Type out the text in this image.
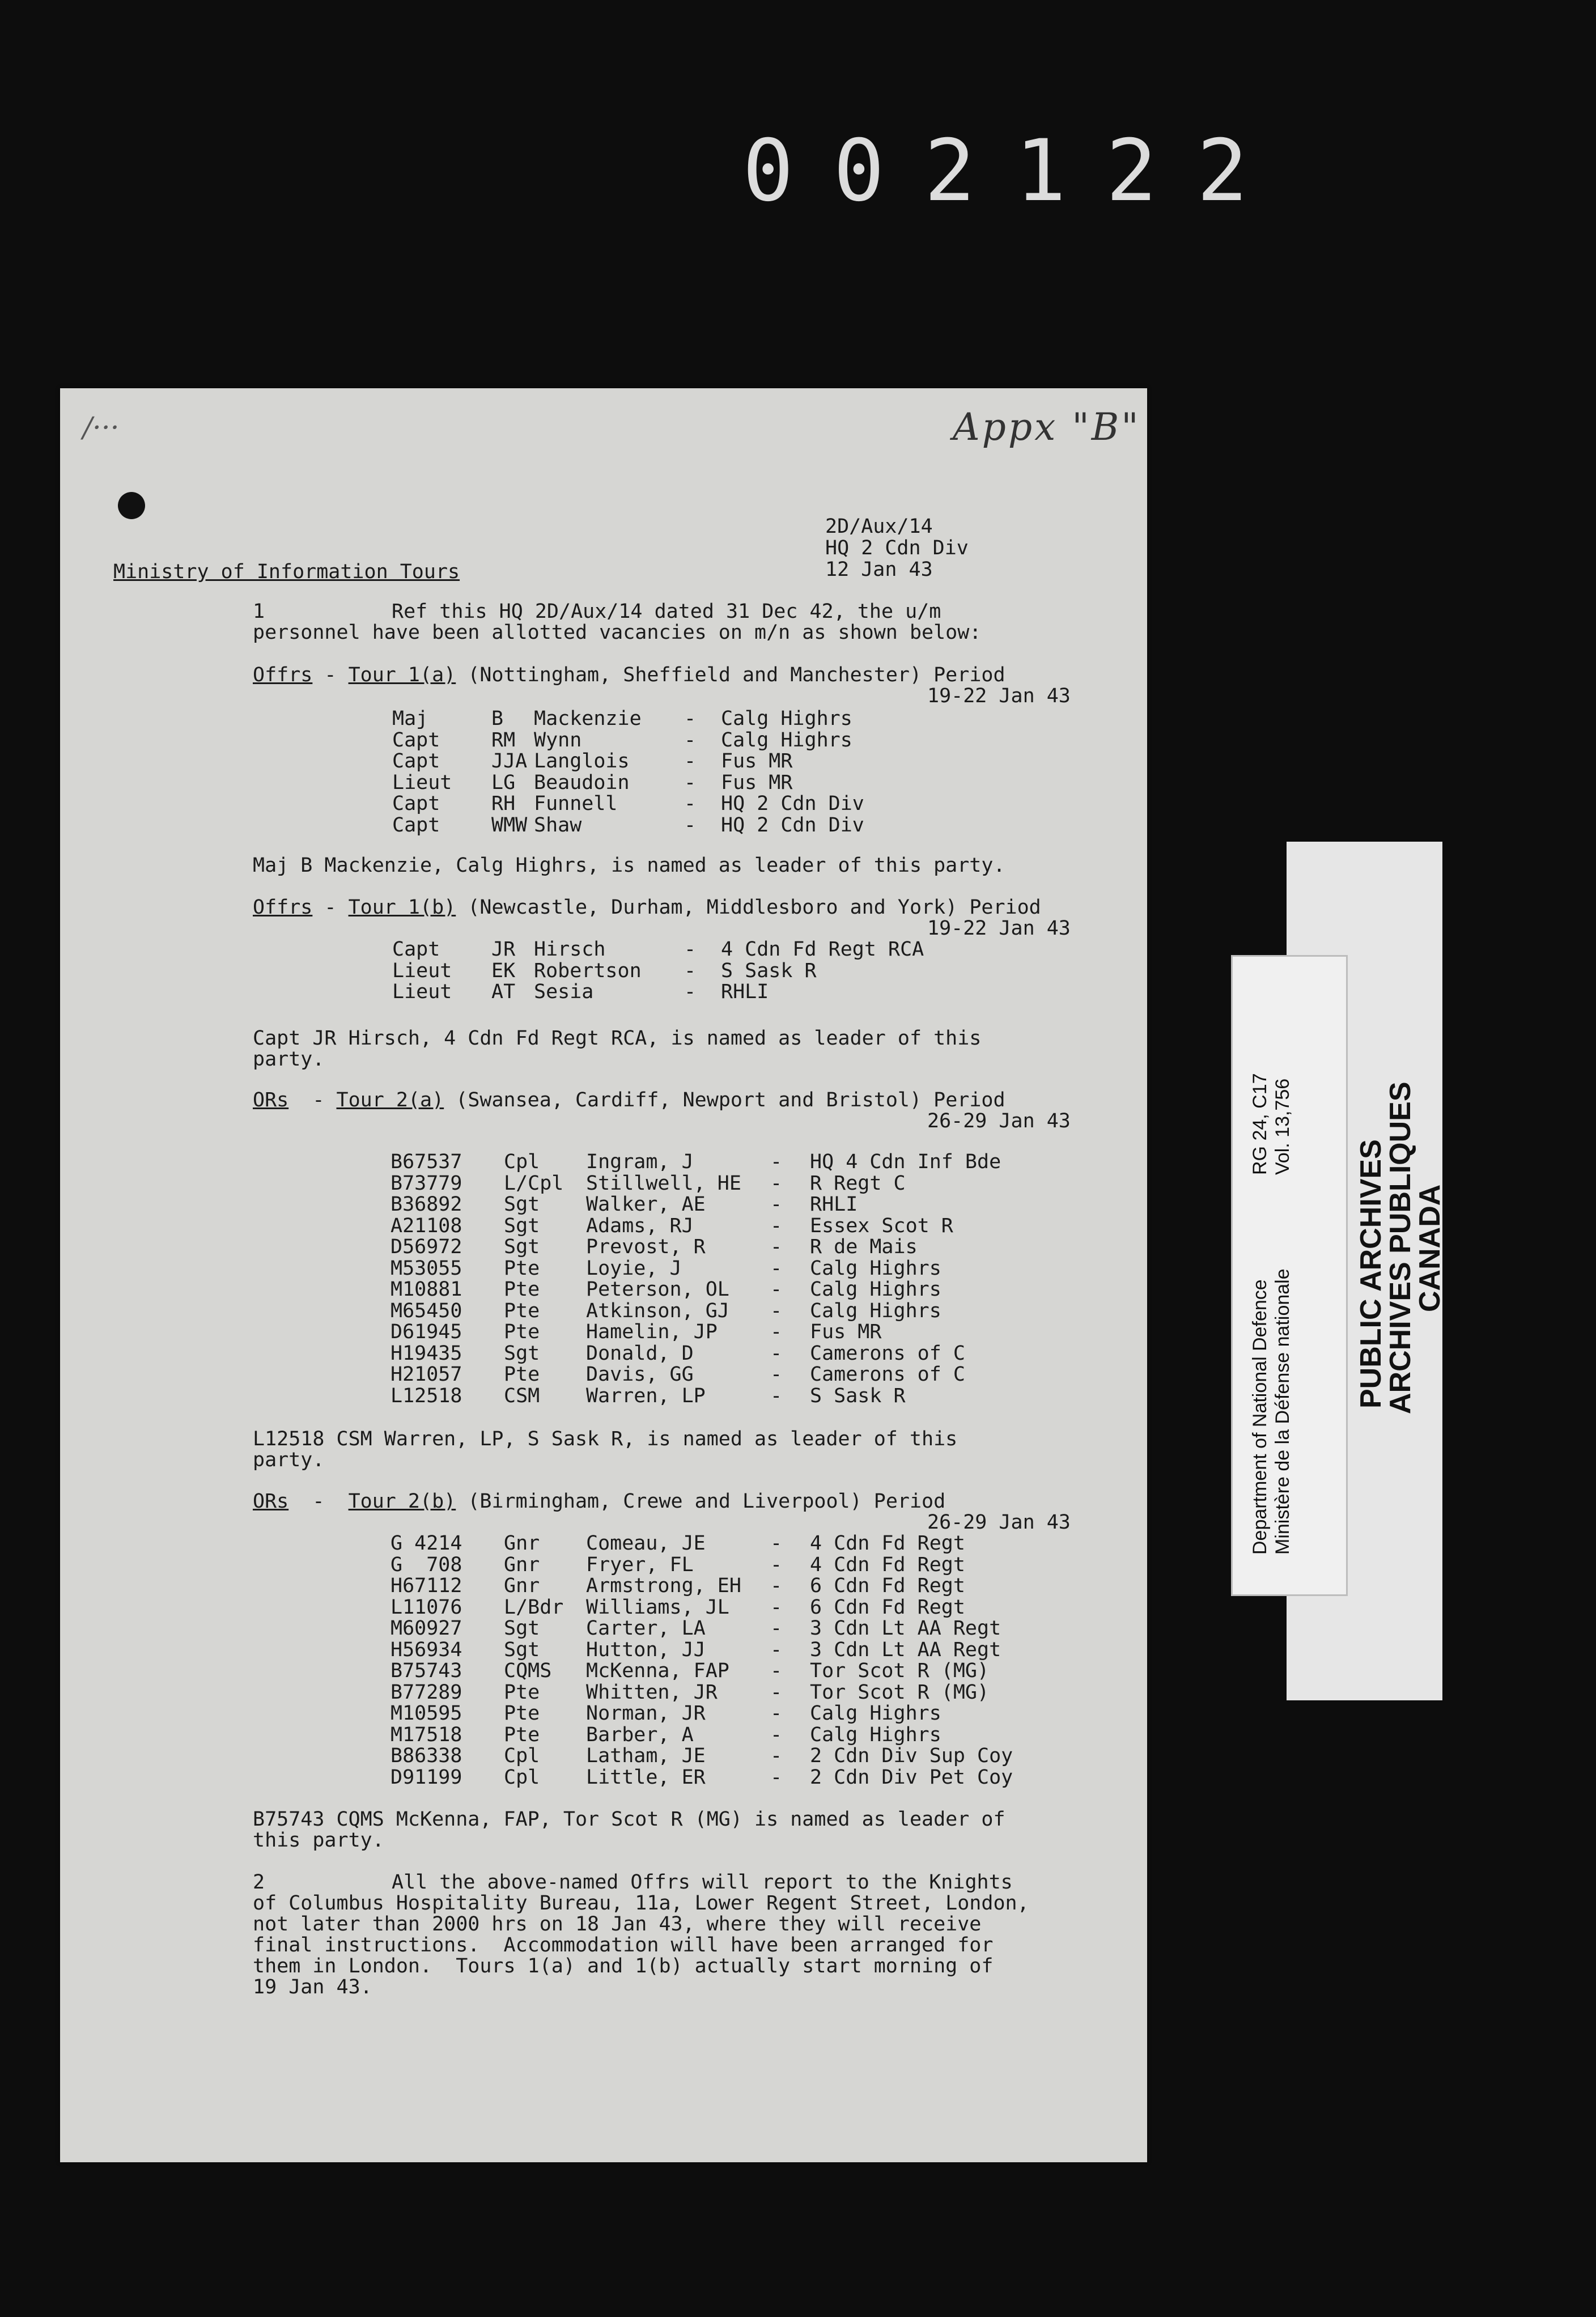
002122
/···	Appx "B"
2D/Aux/14
HQ 2 Cdn Div
12 Jan 43
Ministry of Information Tours
1	Ref this HQ 2D/Aux/14 dated 31 Dec 42, the u/m
personnel have been allotted vacancies on m/n as shown below:
Offrs - Tour 1(a) (Nottingham, Sheffield and Manchester) Period
19-22 Jan 43
Maj	B Mackenzie - Calg Highrs
Capt	RM Wynn	- Calg Highrs
Capt	JJA Langlois	- Fus MR
Lieut LG Beaudoin	- Fus MR
Capt	RH Funnell	- HQ 2 Cdn Div
Capt	WMW Shaw	- HQ 2 Cdn Div
Maj B Mackenzie, Calg Highrs, is named as leader of this party.
Offrs - Tour 1(b) (Newcastle, Durham, Middlesboro and York) Period
19-22 Jan 43
Capt	JR Hirsch	- 4 Cdn Fd Regt RCA
Lieut EK Robertson - S Sask R
Lieut AT Sesia	- RHLI
Capt JR Hirsch, 4 Cdn Fd Regt RCA, is named as leader of this
party.
ORs  - Tour 2(a) (Swansea, Cardiff, Newport and Bristol) Period
26-29 Jan 43
B67537 Cpl Ingram, J	- HQ 4 Cdn Inf Bde
B73779 L/Cpl Stillwell, HE - R Regt C
B36892 Sgt Walker, AE	- RHLI
A21108 Sgt Adams, RJ	- Essex Scot R
D56972 Sgt Prevost, R	- R de Mais
M53055 Pte Loyie, J	- Calg Highrs
M10881 Pte Peterson, OL - Calg Highrs
M65450 Pte Atkinson, GJ - Calg Highrs
D61945 Pte Hamelin, JP	- Fus MR
H19435 Sgt Donald, D	- Camerons of C
H21057 Pte Davis, GG	- Camerons of C
L12518 CSM Warren, LP	- S Sask R
L12518 CSM Warren, LP, S Sask R, is named as leader of this
party.
ORs  -  Tour 2(b) (Birmingham, Crewe and Liverpool) Period
26-29 Jan 43
G 4214 Gnr Comeau, JE	- 4 Cdn Fd Regt
G  708 Gnr Fryer, FL	- 4 Cdn Fd Regt
H67112 Gnr Armstrong, EH - 6 Cdn Fd Regt
L11076 L/Bdr Williams, JL - 6 Cdn Fd Regt
M60927 Sgt Carter, LA	- 3 Cdn Lt AA Regt
H56934 Sgt Hutton, JJ	- 3 Cdn Lt AA Regt
B75743 CQMS McKenna, FAP - Tor Scot R (MG)
B77289 Pte Whitten, JR	- Tor Scot R (MG)
M10595 Pte Norman, JR	- Calg Highrs
M17518 Pte Barber, A	- Calg Highrs
B86338 Cpl Latham, JE	- 2 Cdn Div Sup Coy
D91199 Cpl Little, ER	- 2 Cdn Div Pet Coy
B75743 CQMS McKenna, FAP, Tor Scot R (MG) is named as leader of
this party.
2	All the above-named Offrs will report to the Knights
of Columbus Hospitality Bureau, 11a, Lower Regent Street, London,
not later than 2000 hrs on 18 Jan 43, where they will receive
final instructions.  Accommodation will have been arranged for
them in London.  Tours 1(a) and 1(b) actually start morning of
19 Jan 43.
PUBLIC ARCHIVES
ARCHIVES PUBLIQUES
CANADA
Department of National Defence Ministère de la Défense nationale
RG 24, C17 Vol. 13,756
